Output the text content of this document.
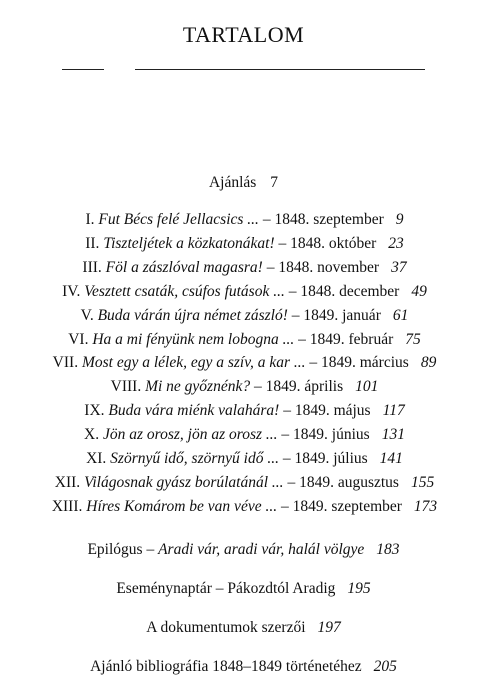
TARTALOM
Ajánlás 7
I. Fut Bécs felé Jellacsics ... – 1848. szeptember 9
II. Tiszteljétek a közkatonákat! – 1848. október 23
III. Föl a zászlóval magasra! – 1848. november 37
IV. Vesztett csaták, csúfos futások ... – 1848. december 49
V. Buda várán újra német zászló! – 1849. január 61
VI. Ha a mi fényünk nem lobogna ... – 1849. február 75
VII. Most egy a lélek, egy a szív, a kar ... – 1849. március 89
VIII. Mi ne győznénk? – 1849. április 101
IX. Buda vára miénk valahára! – 1849. május 117
X. Jön az orosz, jön az orosz ... – 1849. június 131
XI. Szörnyű idő, szörnyű idő ... – 1849. július 141
XII. Világosnak gyász borúlatánál ... – 1849. augusztus 155
XIII. Híres Komárom be van véve ... – 1849. szeptember 173
Epilógus – Aradi vár, aradi vár, halál völgye 183
Eseménynaptár – Pákozdtól Aradig 195
A dokumentumok szerzői 197
Ajánló bibliográfia 1848–1849 történetéhez 205
